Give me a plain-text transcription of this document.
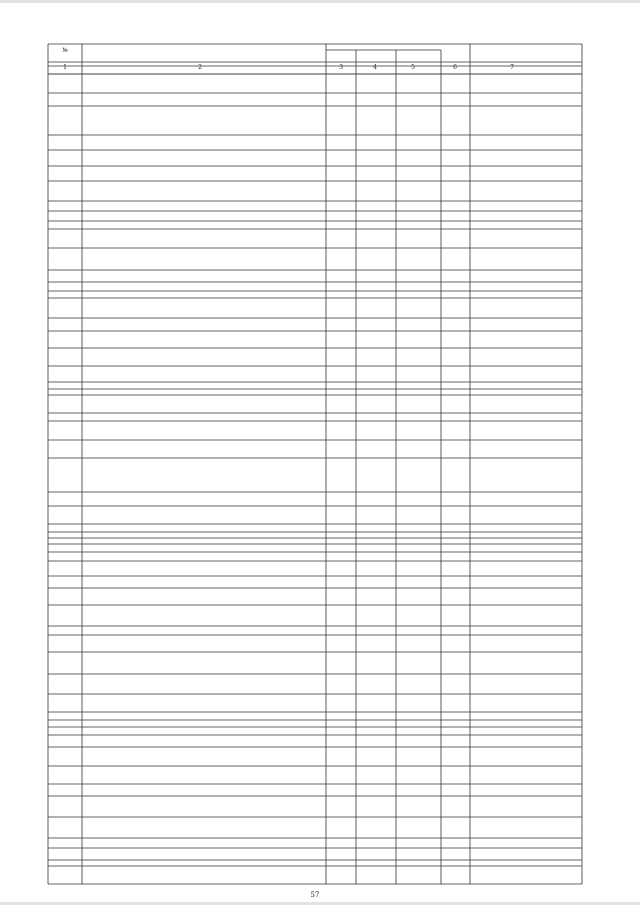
№
1	2	3	4	5	6	7
57
